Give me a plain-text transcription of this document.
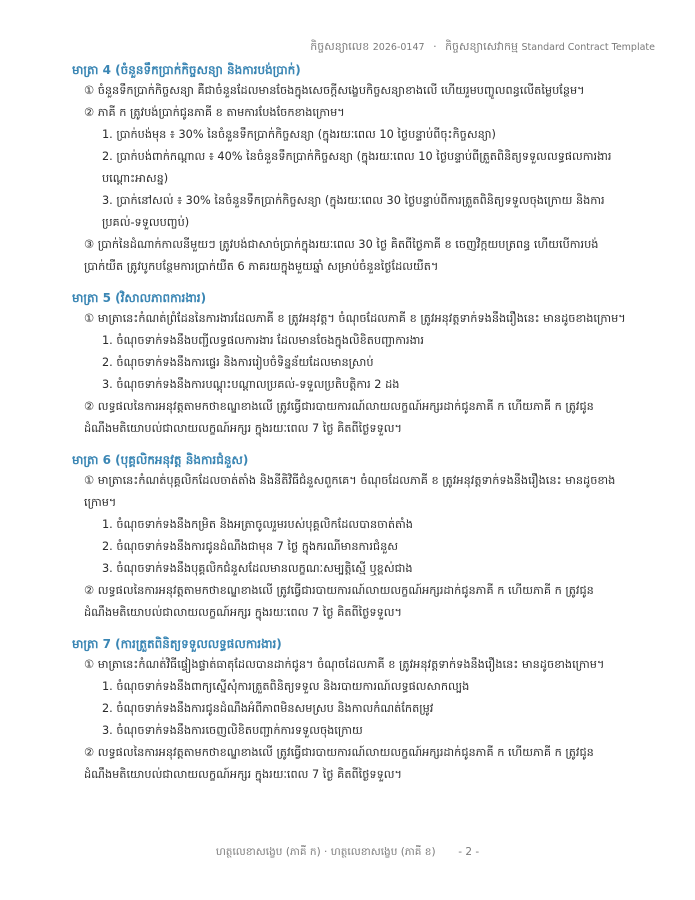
កិច្ចសន្យាលេខ 2026-0147 · កិច្ចសន្យាសេវាកម្ម Standard Contract Template
មាត្រា 4 (ចំនួនទឹកប្រាក់កិច្ចសន្យា និងការបង់ប្រាក់)
① ចំនួនទឹកប្រាក់កិច្ចសន្យា គឺជាចំនួនដែលមានចែងក្នុងសេចក្ដីសង្ខេបកិច្ចសន្យាខាងលើ ហើយរួមបញ្ចូលពន្ធលើតម្លៃបន្ថែម។
② ភាគី ក ត្រូវបង់ប្រាក់ជូនភាគី ខ តាមការបែងចែកខាងក្រោម។
1. ប្រាក់បង់មុន ៖ 30% នៃចំនួនទឹកប្រាក់កិច្ចសន្យា (ក្នុងរយៈពេល 10 ថ្ងៃបន្ទាប់ពីចុះកិច្ចសន្យា)
2. ប្រាក់បង់ពាក់កណ្ដាល ៖ 40% នៃចំនួនទឹកប្រាក់កិច្ចសន្យា (ក្នុងរយៈពេល 10 ថ្ងៃបន្ទាប់ពីត្រួតពិនិត្យទទួលលទ្ធផលការងារបណ្ដោះអាសន្ន)
3. ប្រាក់នៅសល់ ៖ 30% នៃចំនួនទឹកប្រាក់កិច្ចសន្យា (ក្នុងរយៈពេល 30 ថ្ងៃបន្ទាប់ពីការត្រួតពិនិត្យទទួលចុងក្រោយ និងការប្រគល់-ទទួលបញ្ចប់)
③ ប្រាក់នៃដំណាក់កាលនីមួយៗ ត្រូវបង់ជាសាច់ប្រាក់ក្នុងរយៈពេល 30 ថ្ងៃ គិតពីថ្ងៃភាគី ខ ចេញវិក្កយបត្រពន្ធ ហើយបើការបង់ប្រាក់យឺត ត្រូវបូកបន្ថែមការប្រាក់យឺត 6 ភាគរយក្នុងមួយឆ្នាំ សម្រាប់ចំនួនថ្ងៃដែលយឺត។
មាត្រា 5 (វិសាលភាពការងារ)
① មាត្រានេះកំណត់ព្រំដែននៃការងារដែលភាគី ខ ត្រូវអនុវត្ត។ ចំណុចដែលភាគី ខ ត្រូវអនុវត្តទាក់ទងនឹងរឿងនេះ មានដូចខាងក្រោម។
1. ចំណុចទាក់ទងនឹងបញ្ជីលទ្ធផលការងារ ដែលមានចែងក្នុងលិខិតបញ្ជាការងារ
2. ចំណុចទាក់ទងនឹងការផ្ទេរ និងការរៀបចំទិន្នន័យដែលមានស្រាប់
3. ចំណុចទាក់ទងនឹងការបណ្ដុះបណ្ដាលប្រគល់-ទទួលប្រតិបត្តិការ 2 ដង
② លទ្ធផលនៃការអនុវត្តតាមកថាខណ្ឌខាងលើ ត្រូវធ្វើជារបាយការណ៍លាយលក្ខណ៍អក្សរដាក់ជូនភាគី ក ហើយភាគី ក ត្រូវជូនដំណឹងមតិយោបល់ជាលាយលក្ខណ៍អក្សរ ក្នុងរយៈពេល 7 ថ្ងៃ គិតពីថ្ងៃទទួល។
មាត្រា 6 (បុគ្គលិកអនុវត្ត និងការជំនួស)
① មាត្រានេះកំណត់បុគ្គលិកដែលចាត់តាំង និងនីតិវិធីជំនួសពួកគេ។ ចំណុចដែលភាគី ខ ត្រូវអនុវត្តទាក់ទងនឹងរឿងនេះ មានដូចខាងក្រោម។
1. ចំណុចទាក់ទងនឹងកម្រិត និងអត្រាចូលរួមរបស់បុគ្គលិកដែលបានចាត់តាំង
2. ចំណុចទាក់ទងនឹងការជូនដំណឹងជាមុន 7 ថ្ងៃ ក្នុងករណីមានការជំនួស
3. ចំណុចទាក់ទងនឹងបុគ្គលិកជំនួសដែលមានលក្ខណៈសម្បត្តិស្មើ ឬខ្ពស់ជាង
② លទ្ធផលនៃការអនុវត្តតាមកថាខណ្ឌខាងលើ ត្រូវធ្វើជារបាយការណ៍លាយលក្ខណ៍អក្សរដាក់ជូនភាគី ក ហើយភាគី ក ត្រូវជូនដំណឹងមតិយោបល់ជាលាយលក្ខណ៍អក្សរ ក្នុងរយៈពេល 7 ថ្ងៃ គិតពីថ្ងៃទទួល។
មាត្រា 7 (ការត្រួតពិនិត្យទទួលលទ្ធផលការងារ)
① មាត្រានេះកំណត់វិធីផ្ទៀងផ្ទាត់ធាតុដែលបានដាក់ជូន។ ចំណុចដែលភាគី ខ ត្រូវអនុវត្តទាក់ទងនឹងរឿងនេះ មានដូចខាងក្រោម។
1. ចំណុចទាក់ទងនឹងពាក្យស្នើសុំការត្រួតពិនិត្យទទួល និងរបាយការណ៍លទ្ធផលសាកល្បង
2. ចំណុចទាក់ទងនឹងការជូនដំណឹងអំពីភាពមិនសមស្រប និងកាលកំណត់កែតម្រូវ
3. ចំណុចទាក់ទងនឹងការចេញលិខិតបញ្ជាក់ការទទួលចុងក្រោយ
② លទ្ធផលនៃការអនុវត្តតាមកថាខណ្ឌខាងលើ ត្រូវធ្វើជារបាយការណ៍លាយលក្ខណ៍អក្សរដាក់ជូនភាគី ក ហើយភាគី ក ត្រូវជូនដំណឹងមតិយោបល់ជាលាយលក្ខណ៍អក្សរ ក្នុងរយៈពេល 7 ថ្ងៃ គិតពីថ្ងៃទទួល។
ហត្ថលេខាសង្ខេប (ភាគី ក) · ហត្ថលេខាសង្ខេប (ភាគី ខ) - 2 -
